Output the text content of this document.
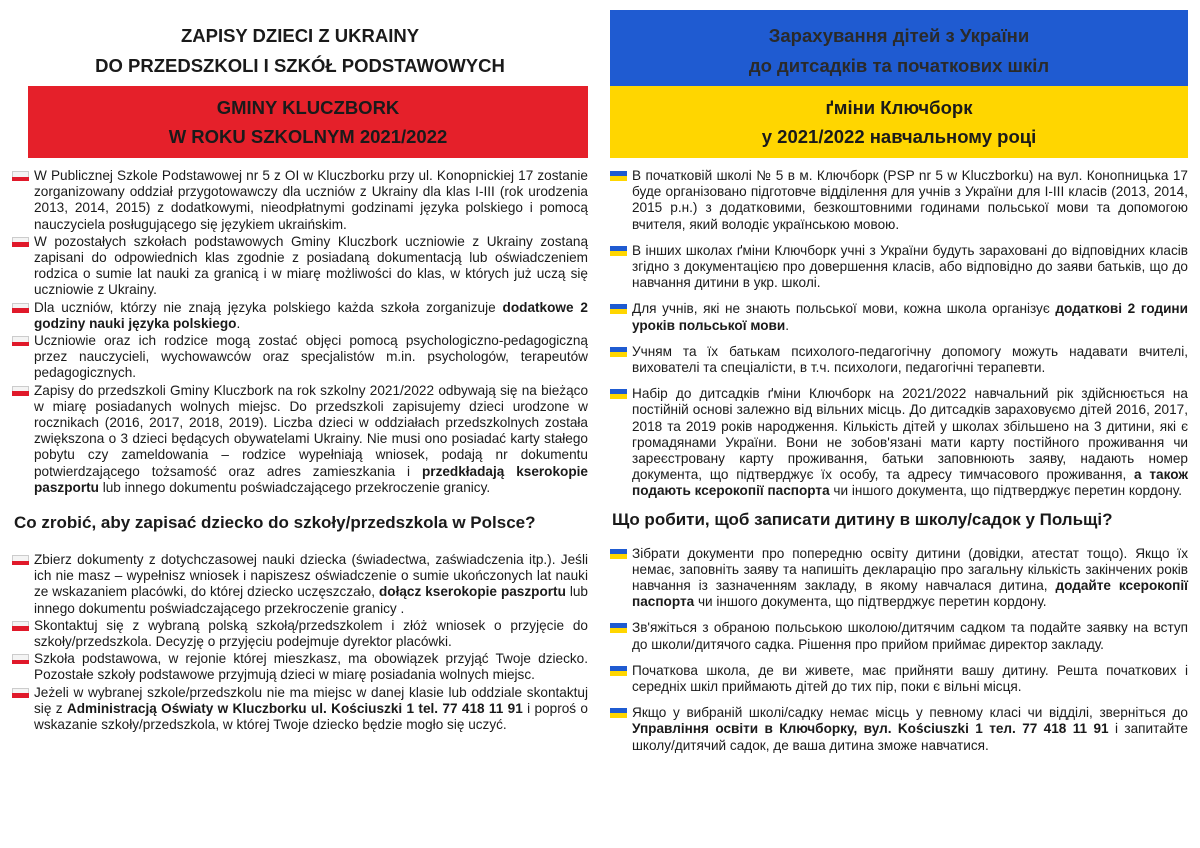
ZAPISY DZIECI Z UKRAINY
DO PRZEDSZKOLI I SZKÓŁ PODSTAWOWYCH
GMINY KLUCZBORK
W ROKU SZKOLNYM 2021/2022
W Publicznej Szkole Podstawowej nr 5 z OI w Kluczborku przy ul. Konopnickiej 17 zostanie zorganizowany oddział przygotowawczy dla uczniów z Ukrainy dla klas I-III (rok urodzenia 2013, 2014, 2015) z dodatkowymi, nieodpłatnymi godzinami języka polskiego i pomocą nauczyciela posługującego się językiem ukraińskim.
W pozostałych szkołach podstawowych Gminy Kluczbork uczniowie z Ukrainy zostaną zapisani do odpowiednich klas zgodnie z posiadaną dokumentacją lub oświadczeniem rodzica o sumie lat nauki za granicą i w miarę możliwości do klas, w których już uczą się uczniowie z Ukrainy.
Dla uczniów, którzy nie znają języka polskiego każda szkoła zorganizuje dodatkowe 2 godziny nauki języka polskiego.
Uczniowie oraz ich rodzice mogą zostać objęci pomocą psychologiczno-pedagogiczną przez nauczycieli, wychowawców oraz specjalistów m.in. psychologów, terapeutów pedagogicznych.
Zapisy do przedszkoli Gminy Kluczbork na rok szkolny 2021/2022 odbywają się na bieżąco w miarę posiadanych wolnych miejsc. Do przedszkoli zapisujemy dzieci urodzone w rocznikach (2016, 2017, 2018, 2019). Liczba dzieci w oddziałach przedszkolnych została zwiększona o 3 dzieci będących obywatelami Ukrainy. Nie musi ono posiadać karty stałego pobytu czy zameldowania – rodzice wypełniają wniosek, podają nr dokumentu potwierdzającego tożsamość oraz adres zamieszkania i przedkładają kserokopie paszportu lub innego dokumentu poświadczającego przekroczenie granicy.
Co zrobić, aby zapisać dziecko do szkoły/przedszkola w Polsce?
Zbierz dokumenty z dotychczasowej nauki dziecka (świadectwa, zaświadczenia itp.). Jeśli ich nie masz – wypełnisz wniosek i napiszesz oświadczenie o sumie ukończonych lat nauki ze wskazaniem placówki, do której dziecko uczęszczało, dołącz kserokopie paszportu lub innego dokumentu poświadczającego przekroczenie granicy .
Skontaktuj się z wybraną polską szkołą/przedszkolem i złóż wniosek o przyjęcie do szkoły/przedszkola. Decyzję o przyjęciu podejmuje dyrektor placówki.
Szkoła podstawowa, w rejonie której mieszkasz, ma obowiązek przyjąć Twoje dziecko. Pozostałe szkoły podstawowe przyjmują dzieci w miarę posiadania wolnych miejsc.
Jeżeli w wybranej szkole/przedszkolu nie ma miejsc w danej klasie lub oddziale skontaktuj się z Administracją Oświaty w Kluczborku ul. Kościuszki 1 tel. 77 418 11 91 i poproś o wskazanie szkoły/przedszkola, w której Twoje dziecko będzie mogło się uczyć.
Зарахування дітей з України
до дитсадків та початкових шкіл
ґміни Ключборк
у 2021/2022 навчальному році
В початковій школі № 5 в м. Ключборк (PSP nr 5 w Kluczborku) на вул. Конопницька 17 буде організовано підготовче відділення для учнів з України для I-III класів (2013, 2014, 2015 р.н.) з додатковими, безкоштовними годинами польської мови та допомогою вчителя, який володіє українською мовою.
В інших школах ґміни Ключборк учні з України будуть зараховані до відповідних класів згідно з документацією про довершення класів, або відповідно до заяви батьків, що до навчання дитини в укр. школі.
Для учнів, які не знають польської мови, кожна школа організує додаткові 2 години уроків польської мови.
Учням та їх батькам психолого-педагогічну допомогу можуть надавати вчителі, вихователі та спеціалісти, в т.ч. психологи, педагогічні терапевти.
Набір до дитсадків ґміни Ключборк на 2021/2022 навчальний рік здійснюється на постійній основі залежно від вільних місць. До дитсадків зараховуємо дітей 2016, 2017, 2018 та 2019 років народження. Кількість дітей у школах збільшено на 3 дитини, які є громадянами України. Вони не зобов'язані мати карту постійного проживання чи зареєстровану карту проживання, батьки заповнюють заяву, надають номер документа, що підтверджує їх особу, та адресу тимчасового проживання, а також подають ксерокопії паспорта чи іншого документа, що підтверджує перетин кордону.
Що робити, щоб записати дитину в школу/садок у Польщі?
Зібрати документи про попередню освіту дитини (довідки, атестат тощо). Якщо їх немає, заповніть заяву та напишіть декларацію про загальну кількість закінчених років навчання із зазначенням закладу, в якому навчалася дитина, додайте ксерокопії паспорта чи іншого документа, що підтверджує перетин кордону.
Зв'яжіться з обраною польською школою/дитячим садком та подайте заявку на вступ до школи/дитячого садка. Рішення про прийом приймає директор закладу.
Початкова школа, де ви живете, має прийняти вашу дитину. Решта початкових і середніх шкіл приймають дітей до тих пір, поки є вільні місця.
Якщо у вибраній школі/садку немає місць у певному класі чи відділі, зверніться до Управління освіти в Ключборку, вул. Kościuszki 1 тел. 77 418 11 91 і запитайте школу/дитячий садок, де ваша дитина зможе навчатися.
